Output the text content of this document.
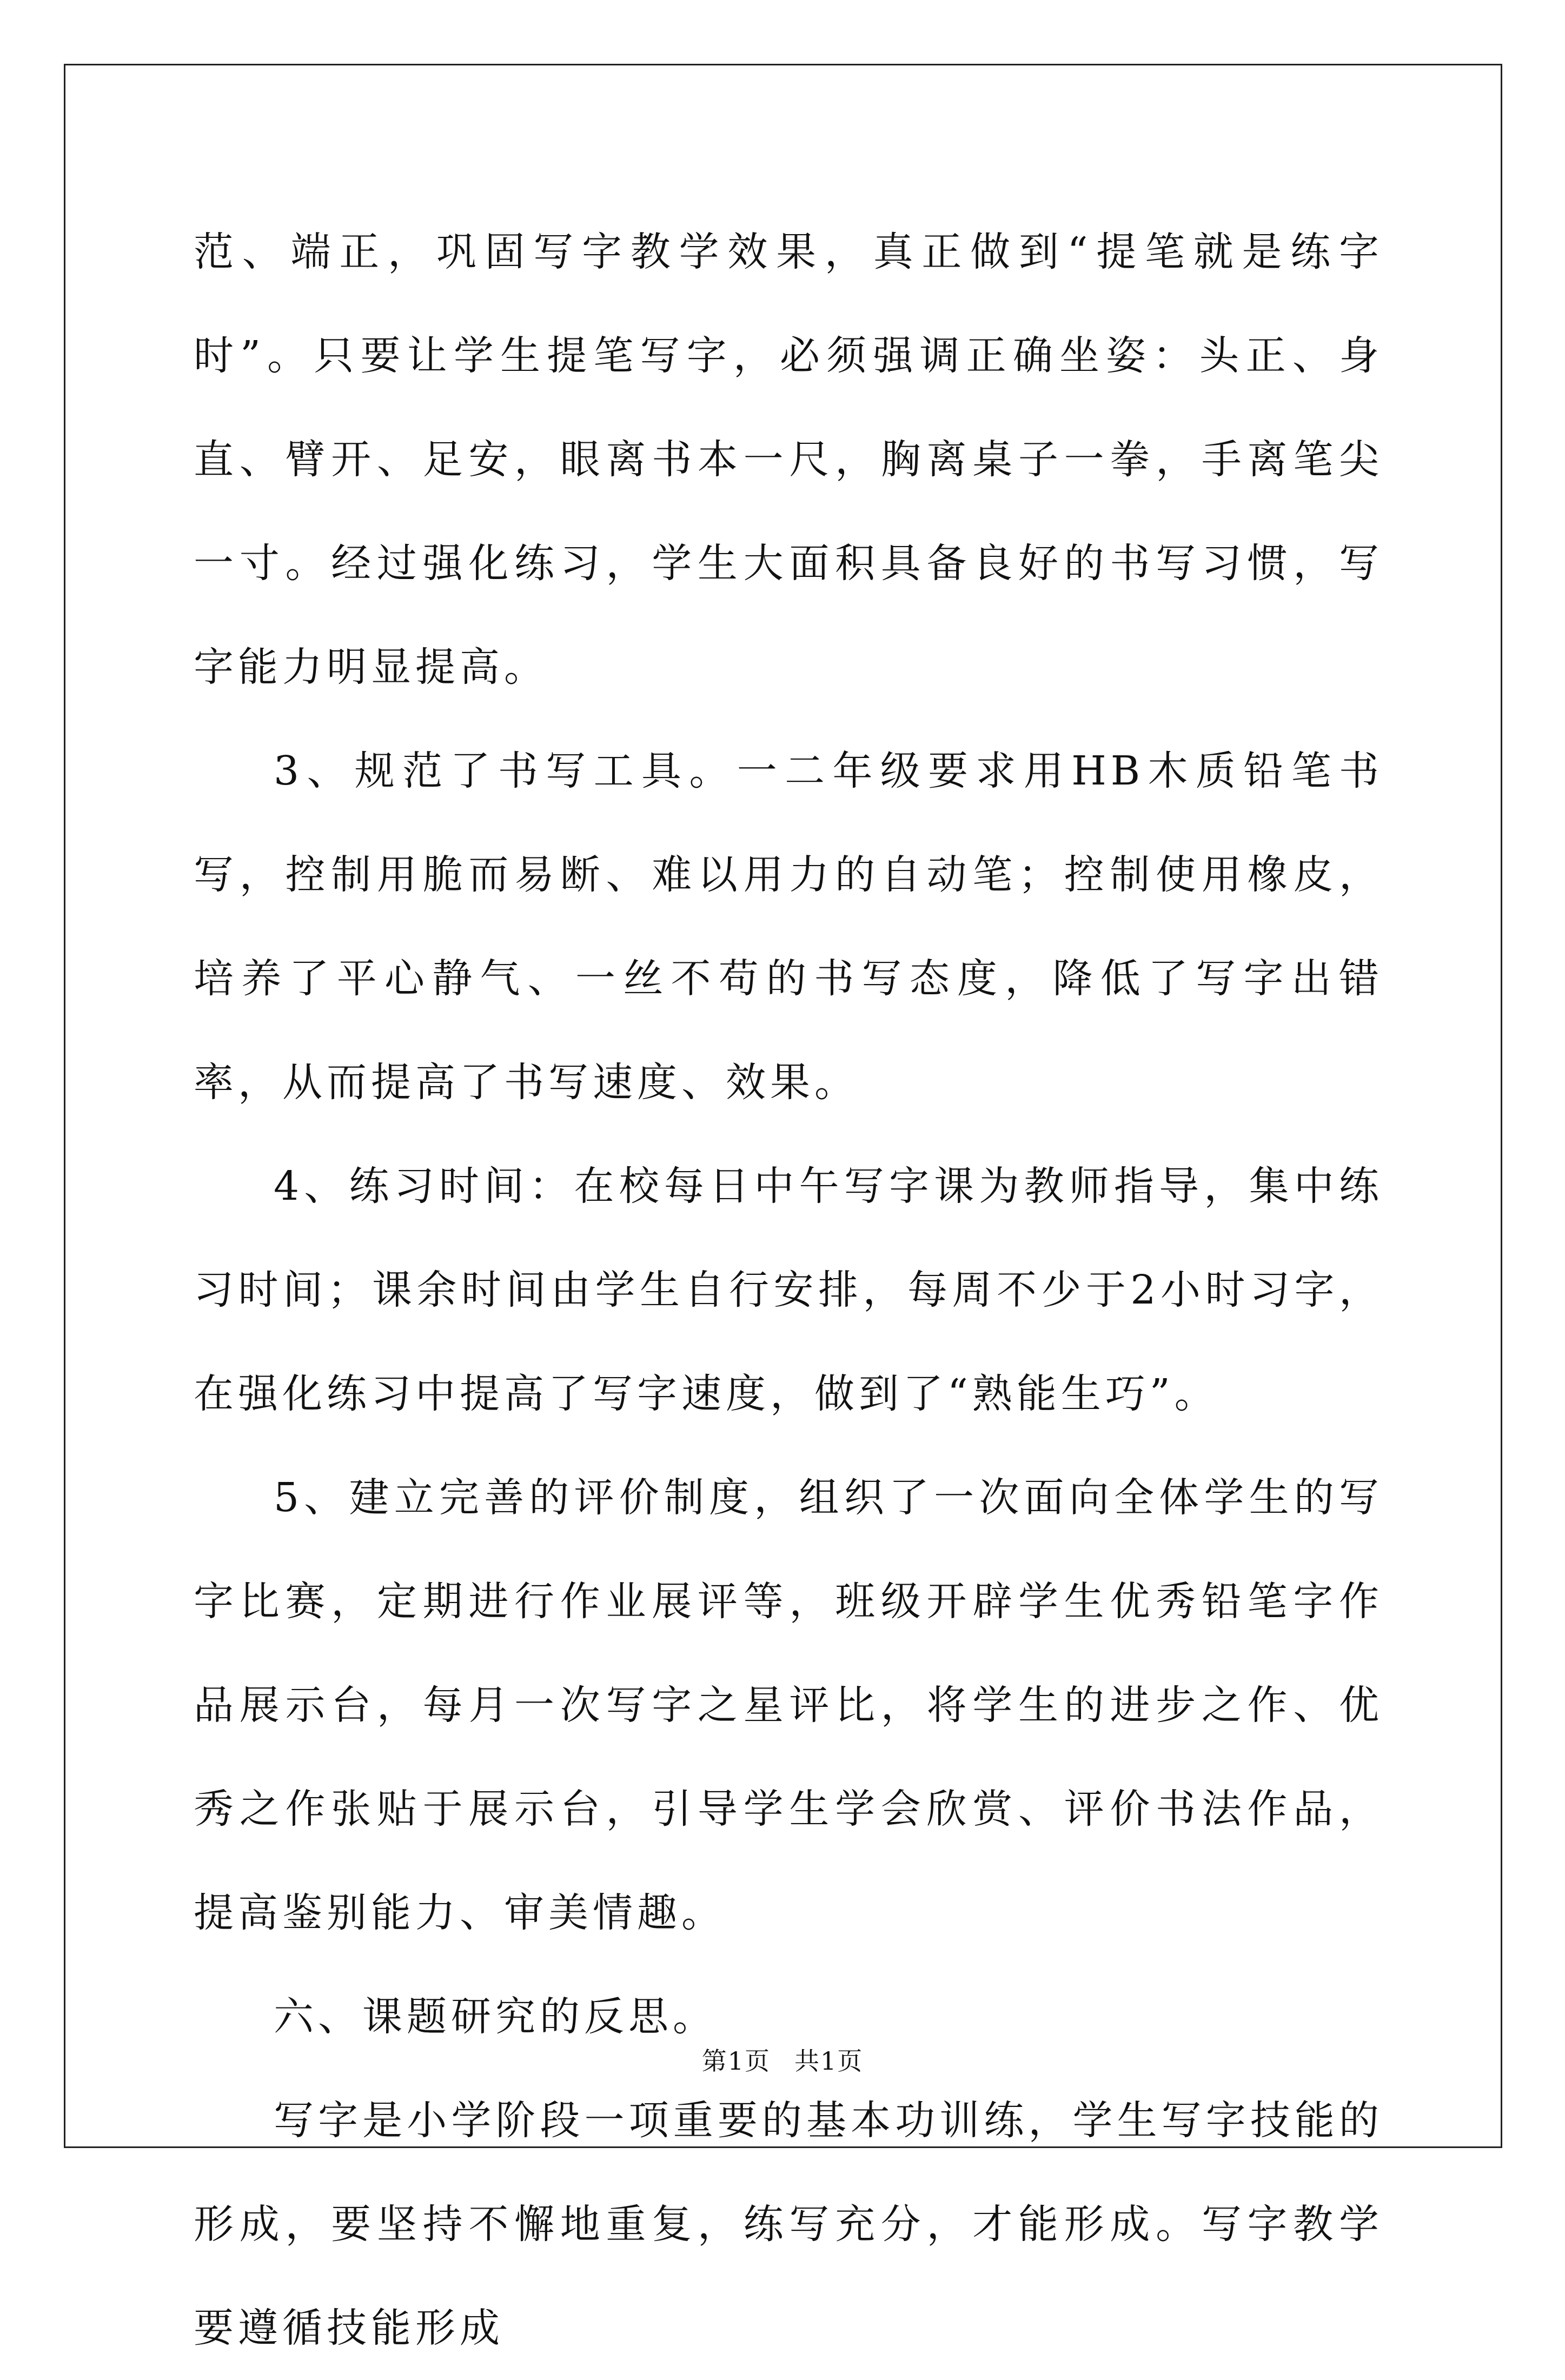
范、端正，巩固写字教学效果，真正做到“提笔就是练字时”。只要让学生提笔写字，必须强调正确坐姿：头正、身直、臂开、足安，眼离书本一尺，胸离桌子一拳，手离笔尖一寸。经过强化练习，学生大面积具备良好的书写习惯，写字能力明显提高。

3、规范了书写工具。一二年级要求用HB木质铅笔书写，控制用脆而易断、难以用力的自动笔；控制使用橡皮，培养了平心静气、一丝不苟的书写态度，降低了写字出错率，从而提高了书写速度、效果。

4、练习时间：在校每日中午写字课为教师指导，集中练习时间；课余时间由学生自行安排，每周不少于2小时习字，在强化练习中提高了写字速度，做到了“熟能生巧”。

5、建立完善的评价制度，组织了一次面向全体学生的写字比赛，定期进行作业展评等，班级开辟学生优秀铅笔字作品展示台，每月一次写字之星评比，将学生的进步之作、优秀之作张贴于展示台，引导学生学会欣赏、评价书法作品，提高鉴别能力、审美情趣。

六、课题研究的反思。

写字是小学阶段一项重要的基本功训练，学生写字技能的形成，要坚持不懈地重复，练写充分，才能形成。写字教学要遵循技能形成

第1页 共1页
